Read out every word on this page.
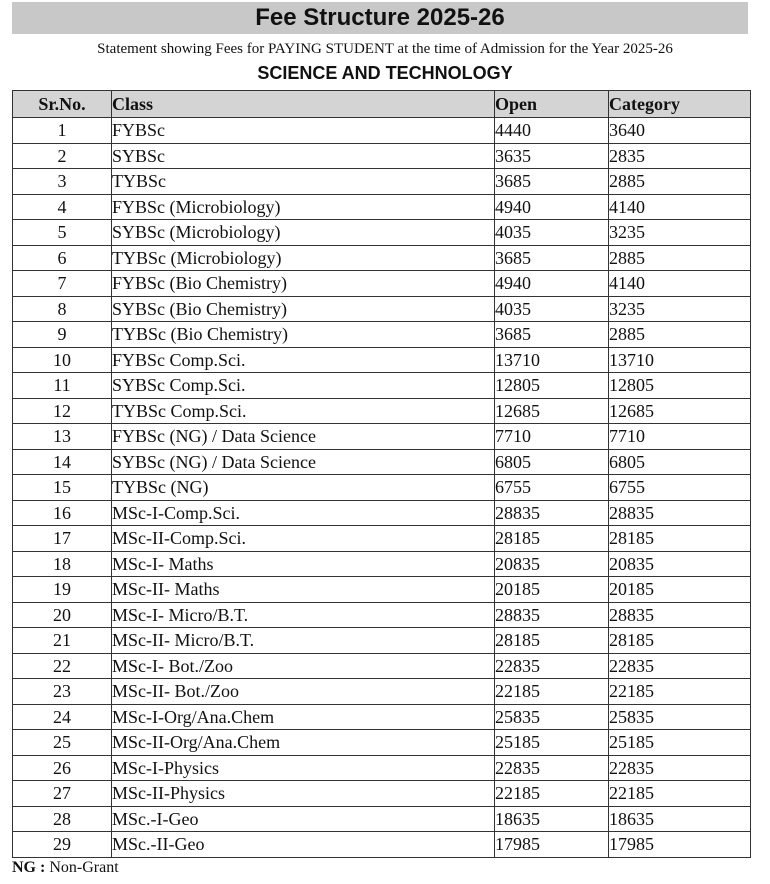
Fee Structure 2025-26
Statement showing Fees for PAYING STUDENT at the time of Admission for the Year 2025-26
SCIENCE AND TECHNOLOGY
Sr.No.	Class	Open	Category
1	FYBSc	4440	3640
2	SYBSc	3635	2835
3	TYBSc	3685	2885
4	FYBSc (Microbiology)	4940	4140
5	SYBSc (Microbiology)	4035	3235
6	TYBSc (Microbiology)	3685	2885
7	FYBSc (Bio Chemistry)	4940	4140
8	SYBSc (Bio Chemistry)	4035	3235
9	TYBSc (Bio Chemistry)	3685	2885
10	FYBSc Comp.Sci.	13710	13710
11	SYBSc Comp.Sci.	12805	12805
12	TYBSc Comp.Sci.	12685	12685
13	FYBSc (NG) / Data Science	7710	7710
14	SYBSc (NG) / Data Science	6805	6805
15	TYBSc (NG)	6755	6755
16	MSc-I-Comp.Sci.	28835	28835
17	MSc-II-Comp.Sci.	28185	28185
18	MSc-I- Maths	20835	20835
19	MSc-II- Maths	20185	20185
20	MSc-I- Micro/B.T.	28835	28835
21	MSc-II- Micro/B.T.	28185	28185
22	MSc-I- Bot./Zoo	22835	22835
23	MSc-II- Bot./Zoo	22185	22185
24	MSc-I-Org/Ana.Chem	25835	25835
25	MSc-II-Org/Ana.Chem	25185	25185
26	MSc-I-Physics	22835	22835
27	MSc-II-Physics	22185	22185
28	MSc.-I-Geo	18635	18635
29	MSc.-II-Geo	17985	17985
NG : Non-Grant
